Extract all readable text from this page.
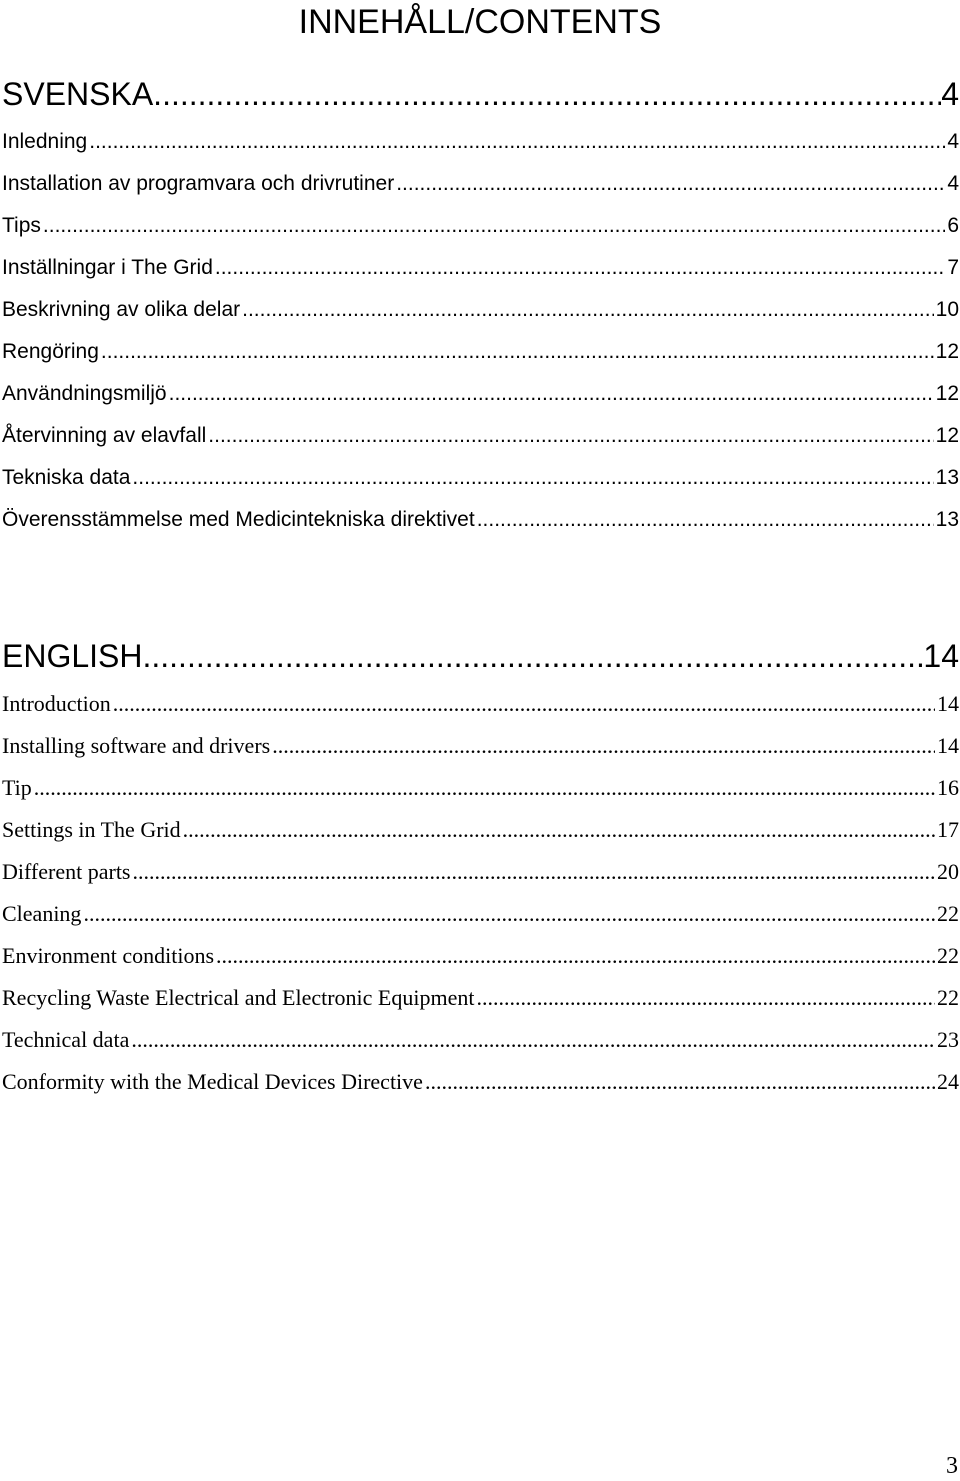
INNEHÅLL/CONTENTS
SVENSKA .....	4
Inledning .....	4
Installation av programvara och drivrutiner .....	4
Tips .....	6
Inställningar i The Grid .....	7
Beskrivning av olika delar .....	10
Rengöring .....	12
Användningsmiljö .....	12
Återvinning av elavfall .....	12
Tekniska data .....	13
Överensstämmelse med Medicintekniska direktivet .....	13
ENGLISH .....	14
Introduction .....	14
Installing software and drivers .....	14
Tip .....	16
Settings in The Grid .....	17
Different parts .....	20
Cleaning .....	22
Environment conditions .....	22
Recycling Waste Electrical and Electronic Equipment .....	22
Technical data .....	23
Conformity with the Medical Devices Directive .....	24
3
